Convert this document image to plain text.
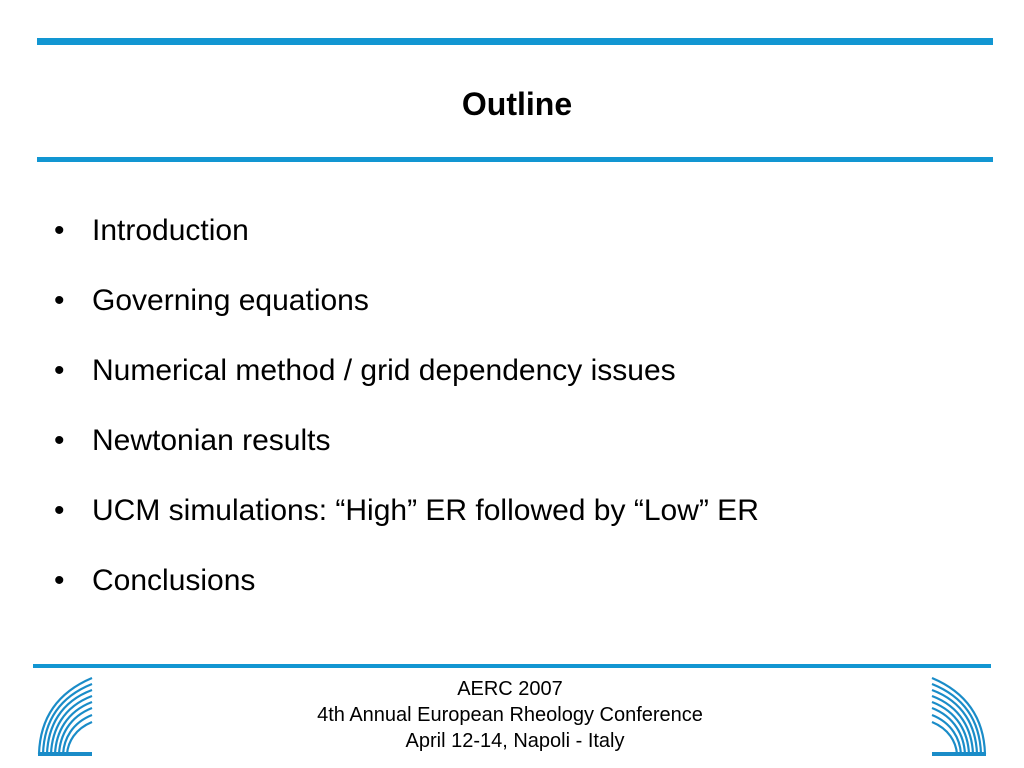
Outline
• Introduction
• Governing equations
• Numerical method / grid dependency issues
• Newtonian results
• UCM simulations: “High” ER followed by “Low” ER
• Conclusions
AERC 2007
4th Annual European Rheology Conference
April 12-14, Napoli - Italy
